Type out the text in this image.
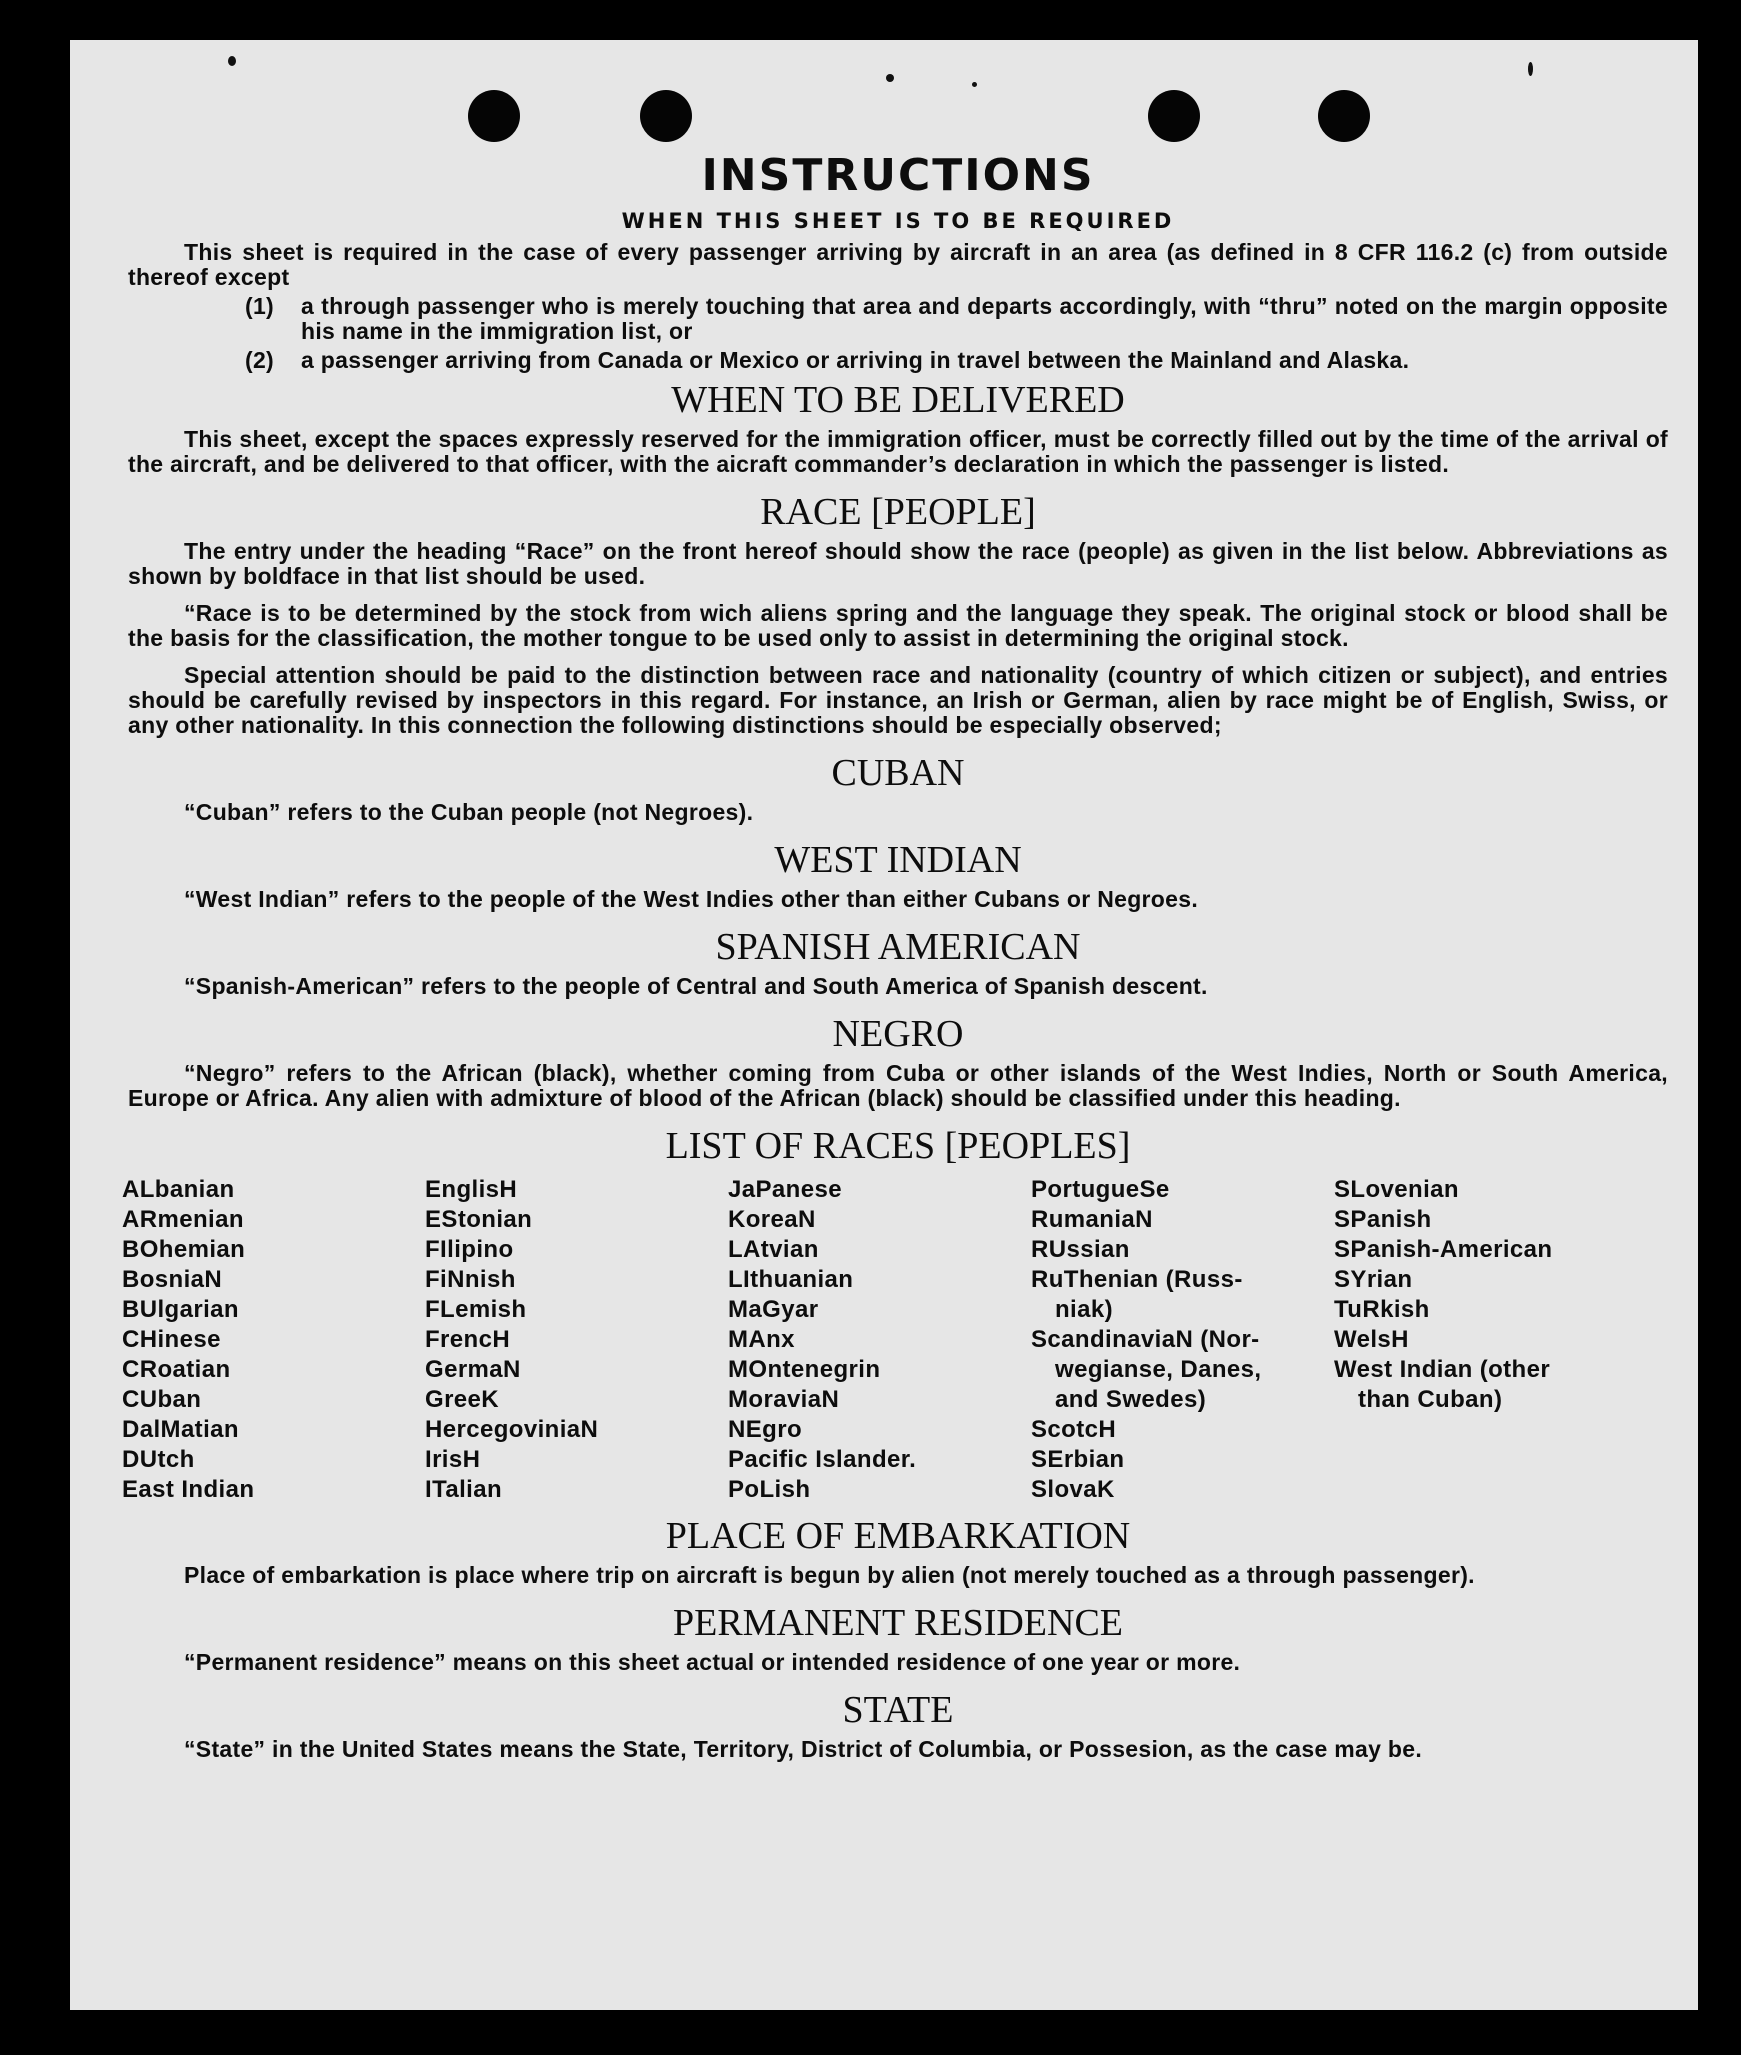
INSTRUCTIONS
WHEN THIS SHEET IS TO BE REQUIRED

This sheet is required in the case of every passenger arriving by aircraft in an area (as defined in 8 CFR 116.2 (c) from outside thereof except

(1)	a through passenger who is merely touching that area and departs accordingly, with “thru” noted on the margin opposite his name in the immigration list, or
(2)	a passenger arriving from Canada or Mexico or arriving in travel between the Mainland and Alaska.
WHEN TO BE DELIVERED

This sheet, except the spaces expressly reserved for the immigration officer, must be correctly filled out by the time of the arrival of the aircraft, and be delivered to that officer, with the aicraft commander’s declaration in which the passenger is listed.

RACE [PEOPLE]

The entry under the heading “Race” on the front hereof should show the race (people) as given in the list below. Abbreviations as shown by boldface in that list should be used.

“Race is to be determined by the stock from wich aliens spring and the language they speak. The original stock or blood shall be the basis for the classification, the mother tongue to be used only to assist in determining the original stock.

Special attention should be paid to the distinction between race and nationality (country of which citizen or subject), and entries should be carefully revised by inspectors in this regard. For instance, an Irish or German, alien by race might be of English, Swiss, or any other nationality. In this connection the following distinctions should be especially observed;

CUBAN

“Cuban” refers to the Cuban people (not Negroes).

WEST INDIAN

“West Indian” refers to the people of the West Indies other than either Cubans or Negroes.

SPANISH AMERICAN

“Spanish-American” refers to the people of Central and South America of Spanish descent.

NEGRO

“Negro” refers to the African (black), whether coming from Cuba or other islands of the West Indies, North or South America, Europe or Africa. Any alien with admixture of blood of the African (black) should be classified under this heading.

LIST OF RACES [PEOPLES]
ALbanian
ARmenian
BOhemian
BosniaN
BUlgarian
CHinese
CRoatian
CUban
DalMatian
DUtch
East Indian
EnglisH
EStonian
FIlipino
FiNnish
FLemish
FrencH
GermaN
GreeK
HercegoviniaN
IrisH
ITalian
JaPanese
KoreaN
LAtvian
LIthuanian
MaGyar
MAnx
MOntenegrin
MoraviaN
NEgro
Pacific Islander.
PoLish
PortugueSe
RumaniaN
RUssian
RuThenian (Russ-
niak)
ScandinaviaN (Nor-
wegianse, Danes,
and Swedes)
ScotcH
SErbian
SlovaK
SLovenian
SPanish
SPanish-American
SYrian
TuRkish
WelsH
West Indian (other
than Cuban)
PLACE OF EMBARKATION

Place of embarkation is place where trip on aircraft is begun by alien (not merely touched as a through passenger).

PERMANENT RESIDENCE

“Permanent residence” means on this sheet actual or intended residence of one year or more.

STATE

“State” in the United States means the State, Territory, District of Columbia, or Possesion, as the case may be.
